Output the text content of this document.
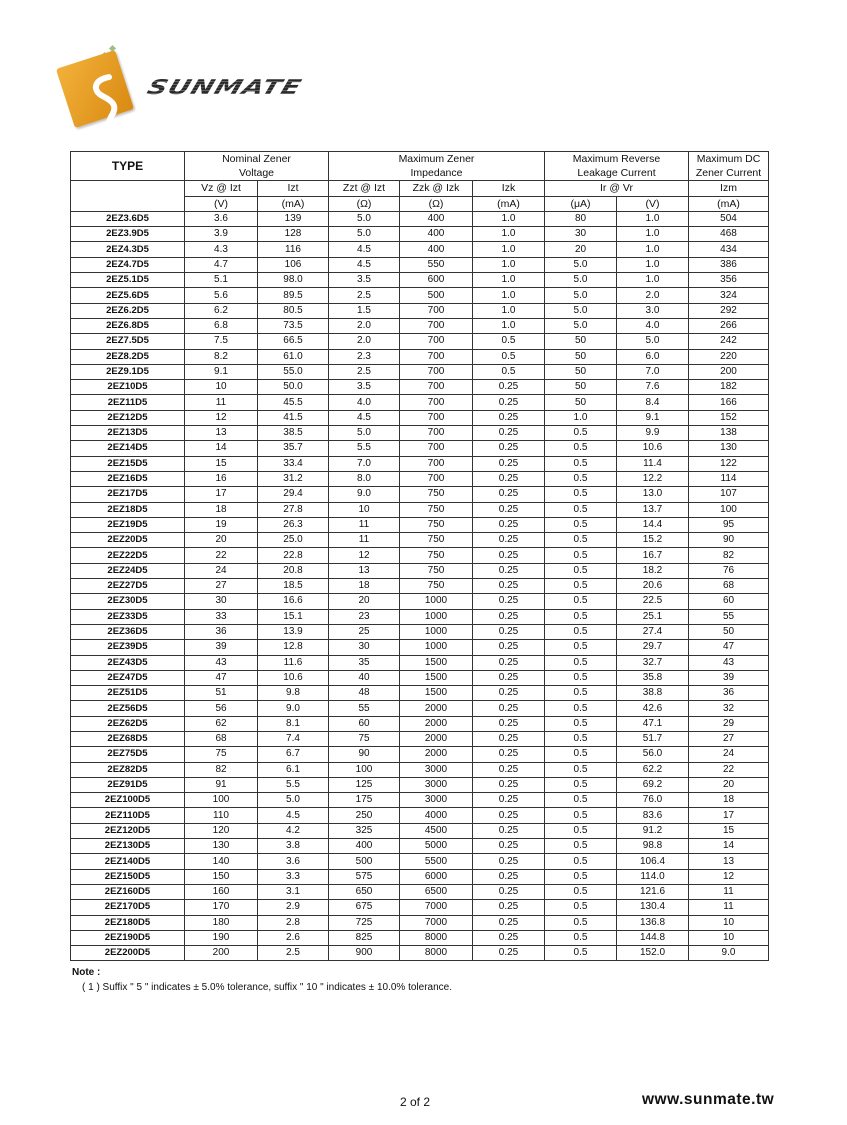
SUNMATE
TYPE	Nominal Zener		Maximum Zener			Maximum Reverse		Maximum DC
	Voltage		Impedance			Leakage Current		Zener Current
	Vz @ Izt	Izt	Zzt @ Izt	Zzk @ Izk	Izk	Ir @ Vr		Izm
	(V)	(mA)	(Ω)	(Ω)	(mA)	(μA)	(V)	(mA)
2EZ3.6D5	3.6	139	5.0	400	1.0	80	1.0	504
2EZ3.9D5	3.9	128	5.0	400	1.0	30	1.0	468
2EZ4.3D5	4.3	116	4.5	400	1.0	20	1.0	434
2EZ4.7D5	4.7	106	4.5	550	1.0	5.0	1.0	386
2EZ5.1D5	5.1	98.0	3.5	600	1.0	5.0	1.0	356
2EZ5.6D5	5.6	89.5	2.5	500	1.0	5.0	2.0	324
2EZ6.2D5	6.2	80.5	1.5	700	1.0	5.0	3.0	292
2EZ6.8D5	6.8	73.5	2.0	700	1.0	5.0	4.0	266
2EZ7.5D5	7.5	66.5	2.0	700	0.5	50	5.0	242
2EZ8.2D5	8.2	61.0	2.3	700	0.5	50	6.0	220
2EZ9.1D5	9.1	55.0	2.5	700	0.5	50	7.0	200
2EZ10D5	10	50.0	3.5	700	0.25	50	7.6	182
2EZ11D5	11	45.5	4.0	700	0.25	50	8.4	166
2EZ12D5	12	41.5	4.5	700	0.25	1.0	9.1	152
2EZ13D5	13	38.5	5.0	700	0.25	0.5	9.9	138
2EZ14D5	14	35.7	5.5	700	0.25	0.5	10.6	130
2EZ15D5	15	33.4	7.0	700	0.25	0.5	11.4	122
2EZ16D5	16	31.2	8.0	700	0.25	0.5	12.2	114
2EZ17D5	17	29.4	9.0	750	0.25	0.5	13.0	107
2EZ18D5	18	27.8	10	750	0.25	0.5	13.7	100
2EZ19D5	19	26.3	11	750	0.25	0.5	14.4	95
2EZ20D5	20	25.0	11	750	0.25	0.5	15.2	90
2EZ22D5	22	22.8	12	750	0.25	0.5	16.7	82
2EZ24D5	24	20.8	13	750	0.25	0.5	18.2	76
2EZ27D5	27	18.5	18	750	0.25	0.5	20.6	68
2EZ30D5	30	16.6	20	1000	0.25	0.5	22.5	60
2EZ33D5	33	15.1	23	1000	0.25	0.5	25.1	55
2EZ36D5	36	13.9	25	1000	0.25	0.5	27.4	50
2EZ39D5	39	12.8	30	1000	0.25	0.5	29.7	47
2EZ43D5	43	11.6	35	1500	0.25	0.5	32.7	43
2EZ47D5	47	10.6	40	1500	0.25	0.5	35.8	39
2EZ51D5	51	9.8	48	1500	0.25	0.5	38.8	36
2EZ56D5	56	9.0	55	2000	0.25	0.5	42.6	32
2EZ62D5	62	8.1	60	2000	0.25	0.5	47.1	29
2EZ68D5	68	7.4	75	2000	0.25	0.5	51.7	27
2EZ75D5	75	6.7	90	2000	0.25	0.5	56.0	24
2EZ82D5	82	6.1	100	3000	0.25	0.5	62.2	22
2EZ91D5	91	5.5	125	3000	0.25	0.5	69.2	20
2EZ100D5	100	5.0	175	3000	0.25	0.5	76.0	18
2EZ110D5	110	4.5	250	4000	0.25	0.5	83.6	17
2EZ120D5	120	4.2	325	4500	0.25	0.5	91.2	15
2EZ130D5	130	3.8	400	5000	0.25	0.5	98.8	14
2EZ140D5	140	3.6	500	5500	0.25	0.5	106.4	13
2EZ150D5	150	3.3	575	6000	0.25	0.5	114.0	12
2EZ160D5	160	3.1	650	6500	0.25	0.5	121.6	11
2EZ170D5	170	2.9	675	7000	0.25	0.5	130.4	11
2EZ180D5	180	2.8	725	7000	0.25	0.5	136.8	10
2EZ190D5	190	2.6	825	8000	0.25	0.5	144.8	10
2EZ200D5	200	2.5	900	8000	0.25	0.5	152.0	9.0
Note :
( 1 ) Suffix " 5 " indicates ± 5.0% tolerance, suffix " 10 " indicates ± 10.0% tolerance.
2 of 2	www.sunmate.tw
